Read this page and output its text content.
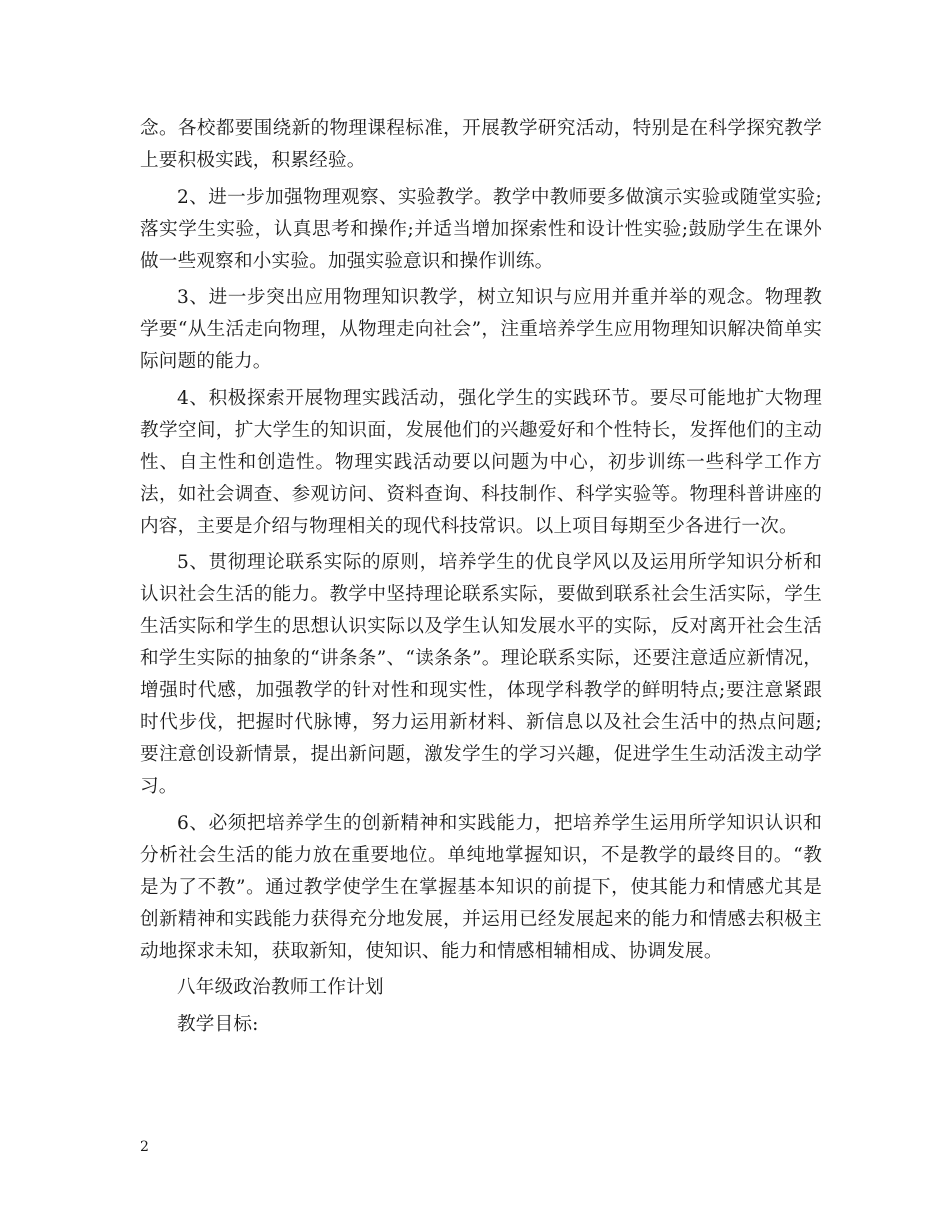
念。各校都要围绕新的物理课程标准，开展教学研究活动，特别是在科学探究教学上要积极实践，积累经验。

2、进一步加强物理观察、实验教学。教学中教师要多做演示实验或随堂实验;落实学生实验，认真思考和操作;并适当增加探索性和设计性实验;鼓励学生在课外做一些观察和小实验。加强实验意识和操作训练。

3、进一步突出应用物理知识教学，树立知识与应用并重并举的观念。物理教学要“从生活走向物理，从物理走向社会”，注重培养学生应用物理知识解决简单实际问题的能力。

4、积极探索开展物理实践活动，强化学生的实践环节。要尽可能地扩大物理教学空间，扩大学生的知识面，发展他们的兴趣爱好和个性特长，发挥他们的主动性、自主性和创造性。物理实践活动要以问题为中心，初步训练一些科学工作方法，如社会调查、参观访问、资料查询、科技制作、科学实验等。物理科普讲座的内容，主要是介绍与物理相关的现代科技常识。以上项目每期至少各进行一次。

5、贯彻理论联系实际的原则，培养学生的优良学风以及运用所学知识分析和认识社会生活的能力。教学中坚持理论联系实际，要做到联系社会生活实际，学生生活实际和学生的思想认识实际以及学生认知发展水平的实际，反对离开社会生活和学生实际的抽象的“讲条条”、“读条条”。理论联系实际，还要注意适应新情况，增强时代感，加强教学的针对性和现实性，体现学科教学的鲜明特点;要注意紧跟时代步伐，把握时代脉博，努力运用新材料、新信息以及社会生活中的热点问题;要注意创设新情景，提出新问题，激发学生的学习兴趣，促进学生生动活泼主动学习。

6、必须把培养学生的创新精神和实践能力，把培养学生运用所学知识认识和分析社会生活的能力放在重要地位。单纯地掌握知识，不是教学的最终目的。“教是为了不教”。通过教学使学生在掌握基本知识的前提下，使其能力和情感尤其是创新精神和实践能力获得充分地发展，并运用已经发展起来的能力和情感去积极主动地探求未知，获取新知，使知识、能力和情感相辅相成、协调发展。

八年级政治教师工作计划

教学目标:

2
